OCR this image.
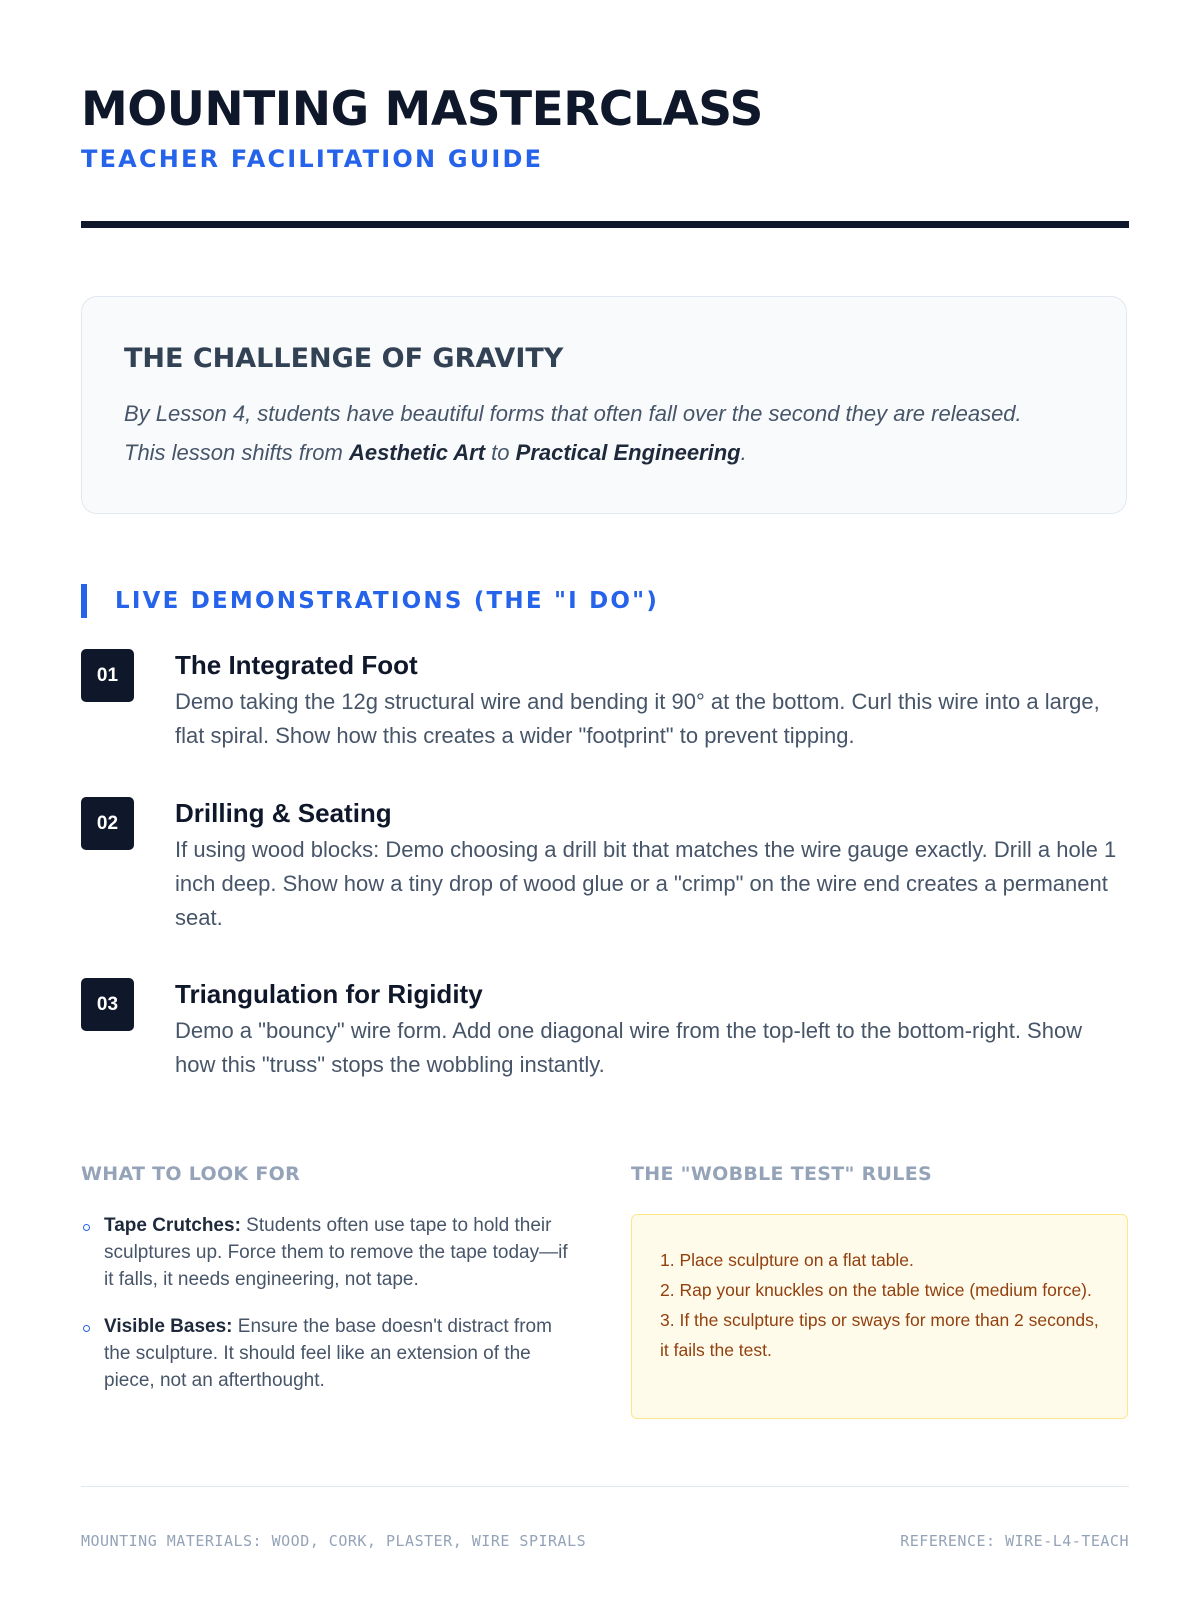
MOUNTING MASTERCLASS
TEACHER FACILITATION GUIDE
THE CHALLENGE OF GRAVITY
By Lesson 4, students have beautiful forms that often fall over the second they are released.
This lesson shifts from Aesthetic Art to Practical Engineering.
LIVE DEMONSTRATIONS (THE "I DO")
01	The Integrated Foot
Demo taking the 12g structural wire and bending it 90° at the bottom. Curl this wire into a large, flat spiral. Show how this creates a wider "footprint" to prevent tipping.
02	Drilling & Seating
If using wood blocks: Demo choosing a drill bit that matches the wire gauge exactly. Drill a hole 1 inch deep. Show how a tiny drop of wood glue or a "crimp" on the wire end creates a permanent seat.
03	Triangulation for Rigidity
Demo a "bouncy" wire form. Add one diagonal wire from the top-left to the bottom-right. Show how this "truss" stops the wobbling instantly.
WHAT TO LOOK FOR
Tape Crutches: Students often use tape to hold their sculptures up. Force them to remove the tape today—if it falls, it needs engineering, not tape.
Visible Bases: Ensure the base doesn't distract from the sculpture. It should feel like an extension of the piece, not an afterthought.
THE "WOBBLE TEST" RULES
1. Place sculpture on a flat table.
2. Rap your knuckles on the table twice (medium force).
3. If the sculpture tips or sways for more than 2 seconds, it fails the test.
MOUNTING MATERIALS: WOOD, CORK, PLASTER, WIRE SPIRALS	REFERENCE: WIRE-L4-TEACH
